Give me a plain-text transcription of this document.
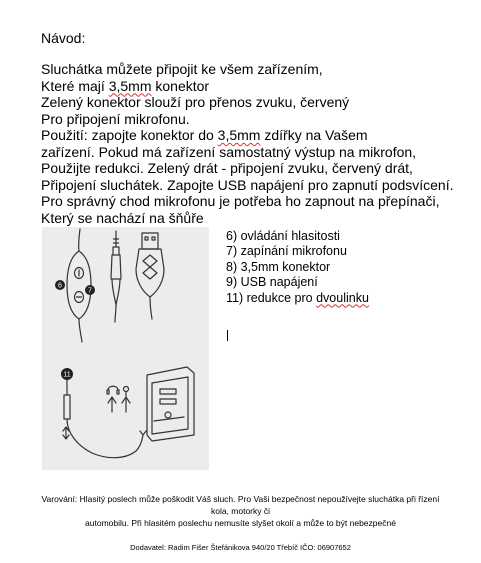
Návod:
Sluchátka můžete připojit ke všem zařízením,
Které mají 3,5mm konektor
Zelený konektor slouží pro přenos zvuku, červený
Pro připojení mikrofonu.
Použití: zapojte konektor do 3,5mm zdířky na Vašem
zařízení. Pokud má zařízení samostatný výstup na mikrofon,
Použijte redukci. Zelený drát - připojení zvuku, červený drát,
Připojení sluchátek. Zapojte USB napájení pro zapnutí podsvícení.
Pro správný chod mikrofonu je potřeba ho zapnout na přepínači,
Který se nachází na šňůře
6
7
11
6) ovládání hlasitosti
7) zapínání mikrofonu
8) 3,5mm konektor
9) USB napájení
11) redukce pro dvoulinku
Varování: Hlasitý poslech může poškodit Váš sluch. Pro Vaši bezpečnost nepoužívejte sluchátka při řízení
kola, motorky či
automobilu. Při hlasitém poslechu nemusíte slyšet okolí a může to být nebezpečné
Dodavatel: Radim Fišer Štefánikova 940/20 Třebíč IČO: 06907652
